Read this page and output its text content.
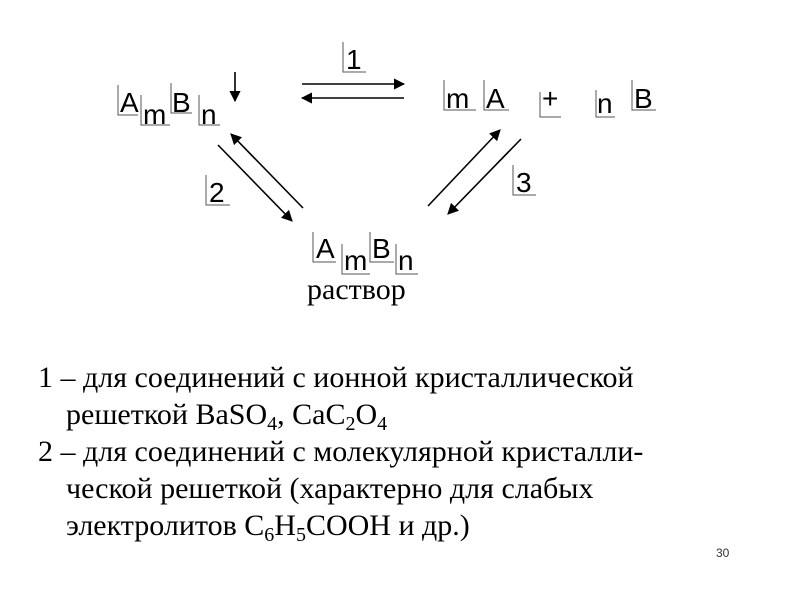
A m B n
m A + n B
A m B n
раствор
1
2	3

1 – для соединений с ионной кристаллической
решеткой BaSO$_4$, $CaC_2O_4$

2 – для соединений с молекулярной кристалли-
ческой решеткой (характерно для слабых
электролитов $C_6H_5COOH$ и др.)

30
